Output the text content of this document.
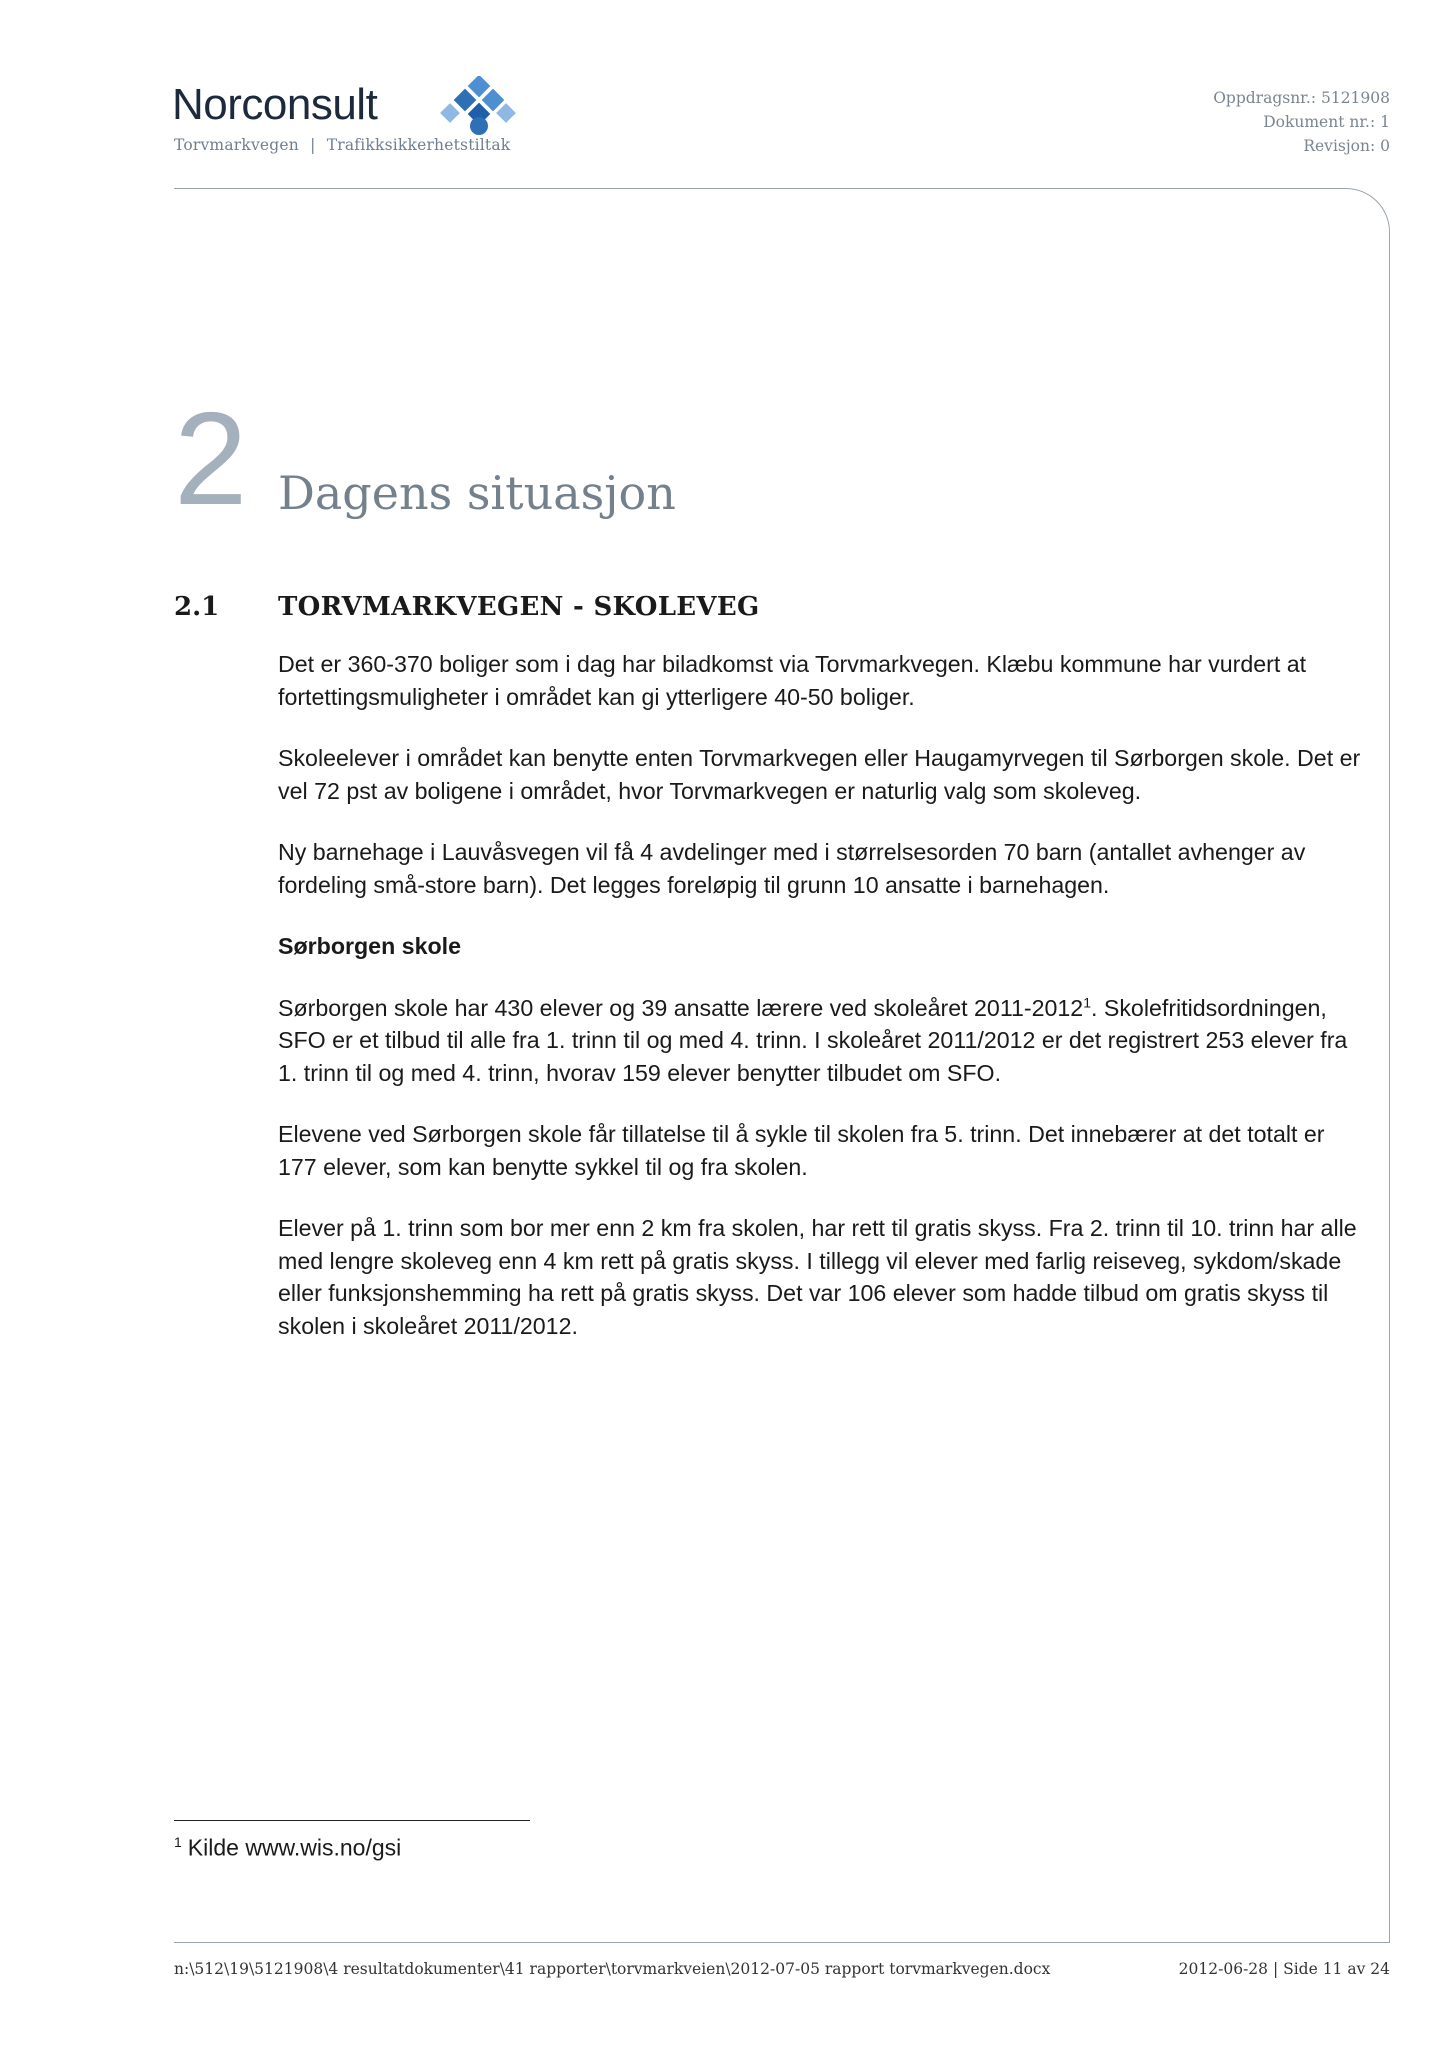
Norconsult
Torvmarkvegen | Trafikksikkerhetstiltak
Oppdragsnr.: 5121908
Dokument nr.: 1
Revisjon: 0
2 Dagens situasjon
2.1 TORVMARKVEGEN - SKOLEVEG

Det er 360-370 boliger som i dag har biladkomst via Torvmarkvegen. Klæbu kommune har vurdert at fortettingsmuligheter i området kan gi ytterligere 40-50 boliger.

Skoleelever i området kan benytte enten Torvmarkvegen eller Haugamyrvegen til Sørborgen skole. Det er vel 72 pst av boligene i området, hvor Torvmarkvegen er naturlig valg som skoleveg.

Ny barnehage i Lauvåsvegen vil få 4 avdelinger med i størrelsesorden 70 barn (antallet avhenger av fordeling små-store barn). Det legges foreløpig til grunn 10 ansatte i barnehagen.

Sørborgen skole

Sørborgen skole har 430 elever og 39 ansatte lærere ved skoleåret 2011-2012$^1$. Skolefritidsordningen, SFO er et tilbud til alle fra 1. trinn til og med 4. trinn. I skoleåret 2011/2012 er det registrert 253 elever fra 1. trinn til og med 4. trinn, hvorav 159 elever benytter tilbudet om SFO.

Elevene ved Sørborgen skole får tillatelse til å sykle til skolen fra 5. trinn. Det innebærer at det totalt er 177 elever, som kan benytte sykkel til og fra skolen.

Elever på 1. trinn som bor mer enn 2 km fra skolen, har rett til gratis skyss. Fra 2. trinn til 10. trinn har alle med lengre skoleveg enn 4 km rett på gratis skyss. I tillegg vil elever med farlig reiseveg, sykdom/skade eller funksjonshemming ha rett på gratis skyss. Det var 106 elever som hadde tilbud om gratis skyss til skolen i skoleåret 2011/2012.

$^1$ Kilde www.wis.no/gsi
n:\512\19\5121908\4 resultatdokumenter\41 rapporter\torvmarkveien\2012-07-05 rapport torvmarkvegen.docx	2012-06-28 | Side 11 av 24
